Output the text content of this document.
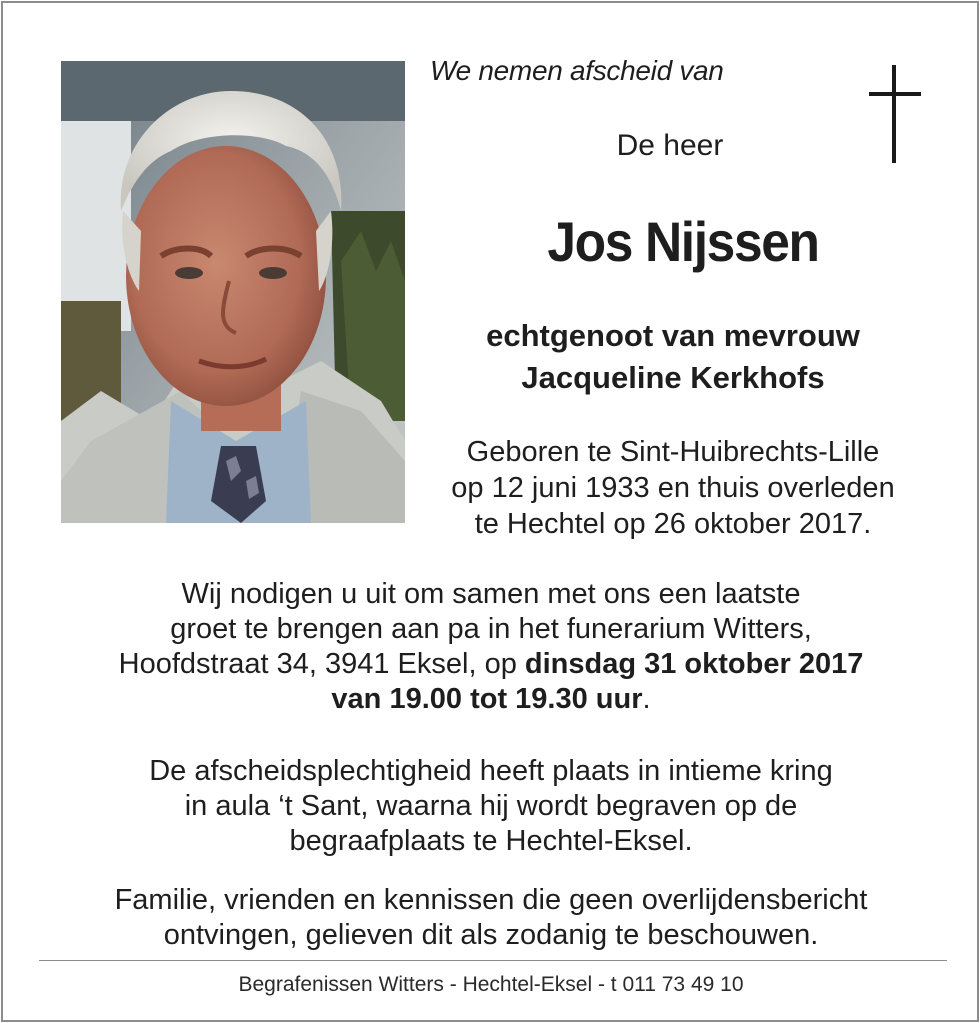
We nemen afscheid van
De heer
Jos Nijssen
echtgenoot van mevrouw
Jacqueline Kerkhofs
Geboren te Sint-Huibrechts-Lille
op 12 juni 1933 en thuis overleden
te Hechtel op 26 oktober 2017.
Wij nodigen u uit om samen met ons een laatste
groet te brengen aan pa in het funerarium Witters,
Hoofdstraat 34, 3941 Eksel, op dinsdag 31 oktober 2017
van 19.00 tot 19.30 uur.
De afscheidsplechtigheid heeft plaats in intieme kring
in aula ‘t Sant, waarna hij wordt begraven op de
begraafplaats te Hechtel-Eksel.
Familie, vrienden en kennissen die geen overlijdensbericht
ontvingen, gelieven dit als zodanig te beschouwen.
Begrafenissen Witters - Hechtel-Eksel - t 011 73 49 10
